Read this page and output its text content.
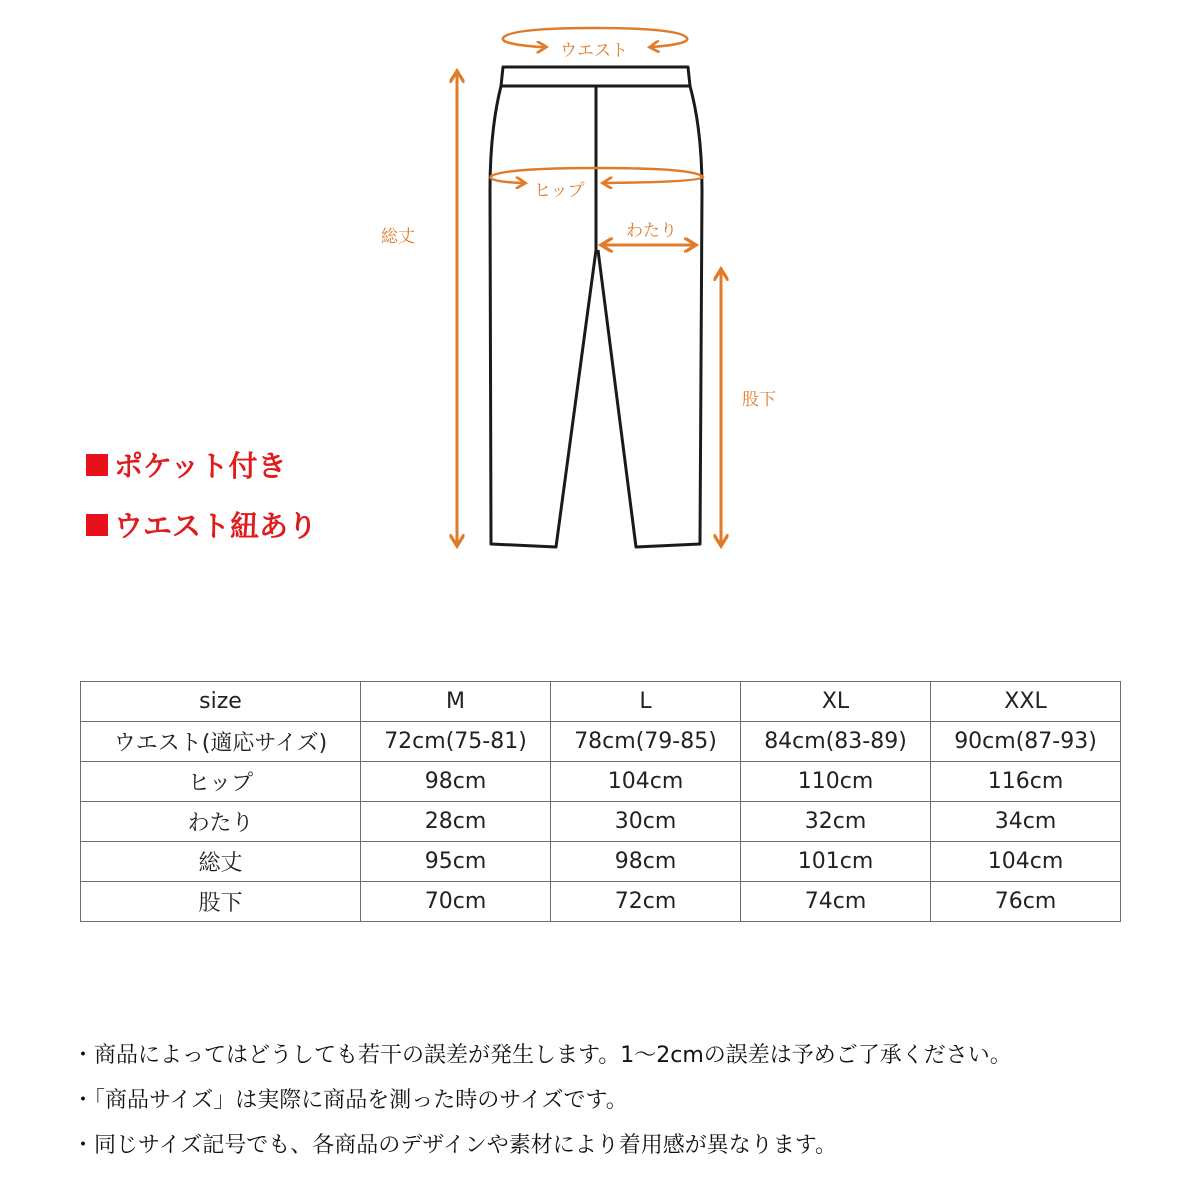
ウエスト
ヒップ
わたり
総丈
股下
ポケット付き
ウエスト紐あり
size	M	L	XL	XXL
ウエスト(適応サイズ)	72cm(75-81)	78cm(79-85)	84cm(83-89)	90cm(87-93)
ヒップ	98cm	104cm	110cm	116cm
わたり	28cm	30cm	32cm	34cm
総丈	95cm	98cm	101cm	104cm
股下	70cm	72cm	74cm	76cm
・商品によってはどうしても若干の誤差が発生します。1～2cmの誤差は予めご了承ください。
・「商品サイズ」は実際に商品を測った時のサイズです。
・同じサイズ記号でも、各商品のデザインや素材により着用感が異なります。
